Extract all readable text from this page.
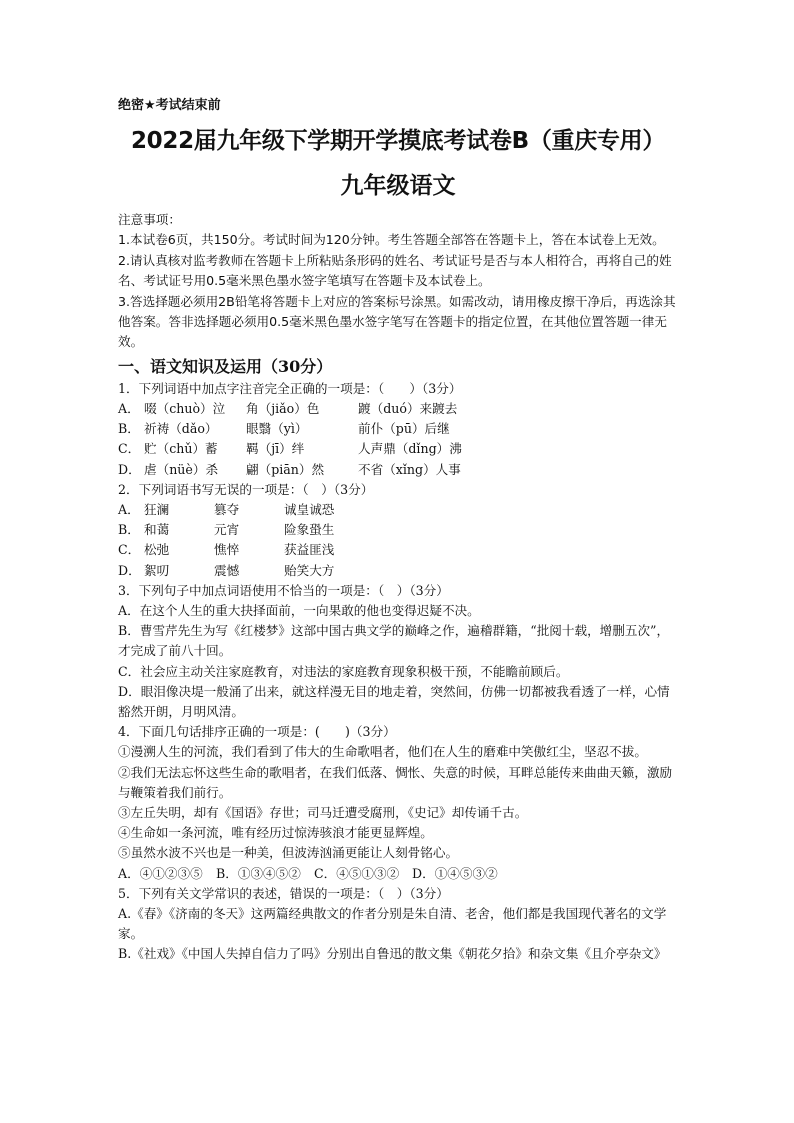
绝密★考试结束前
2022届九年级下学期开学摸底考试卷B（重庆专用）
九年级语文

注意事项：

1.本试卷6页，共150分。考试时间为120分钟。考生答题全部答在答题卡上，答在本试卷上无效。

2.请认真核对监考教师在答题卡上所粘贴条形码的姓名、考试证号是否与本人相符合，再将自己的姓名、考试证号用0.5毫米黑色墨水签字笔填写在答题卡及本试卷上。

3.答选择题必须用2B铅笔将答题卡上对应的答案标号涂黑。如需改动，请用橡皮擦干净后，再选涂其他答案。答非选择题必须用0.5毫米黑色墨水签字笔写在答题卡的指定位置，在其他位置答题一律无效。

一、语文知识及运用（30分）

1．下列词语中加点字注音完全正确的一项是：（　　）（3分）

A． 啜（chuò）泣	角（jiǎo）色	踱（duó）来踱去
B． 祈祷（dǎo）	眼翳（yì）	前仆（pū）后继
C． 贮（chǔ）蓄	羁（jī）绊	人声鼎（dǐng）沸
D． 虐（nüè）杀	翩（piān）然	不省（xǐng）人事

2．下列词语书写无误的一项是：（　）（3分）

A． 狂澜	篡夺	诚皇诚恐
B． 和蔼	元宵	险象蛩生
C． 松弛	憔悴	获益匪浅
D． 絮叨	震憾	贻笑大方

3．下列句子中加点词语使用不恰当的一项是：（　）（3分）

A．在这个人生的重大抉择面前，一向果敢的他也变得迟疑不决。

B．曹雪芹先生为写《红楼梦》这部中国古典文学的巅峰之作，遍稽群籍，“批阅十载，增删五次”，才完成了前八十回。

C．社会应主动关注家庭教育，对违法的家庭教育现象积极干预，不能瞻前顾后。

D．眼泪像决堤一般涌了出来，就这样漫无目的地走着，突然间，仿佛一切都被我看透了一样，心情豁然开朗，月明风清。

4．下面几句话排序正确的一项是：(　　)（3分）

①漫溯人生的河流，我们看到了伟大的生命歌唱者，他们在人生的磨难中笑傲红尘，坚忍不拔。

②我们无法忘怀这些生命的歌唱者，在我们低落、惆怅、失意的时候，耳畔总能传来曲曲天籁，激励与鞭策着我们前行。

③左丘失明，却有《国语》存世；司马迁遭受腐刑，《史记》却传诵千古。

④生命如一条河流，唯有经历过惊涛骇浪才能更显辉煌。

⑤虽然水波不兴也是一种美，但波涛汹涌更能让人刻骨铭心。

A．④①②③⑤	B．①③④⑤②	C．④⑤①③②	D．①④⑤③②

5．下列有关文学常识的表述，错误的一项是：（　）（3分）

A.《春》《济南的冬天》这两篇经典散文的作者分别是朱自清、老舍，他们都是我国现代著名的文学家。

B.《社戏》《中国人失掉自信力了吗》分别出自鲁迅的散文集《朝花夕拾》和杂文集《且介亭杂文》
